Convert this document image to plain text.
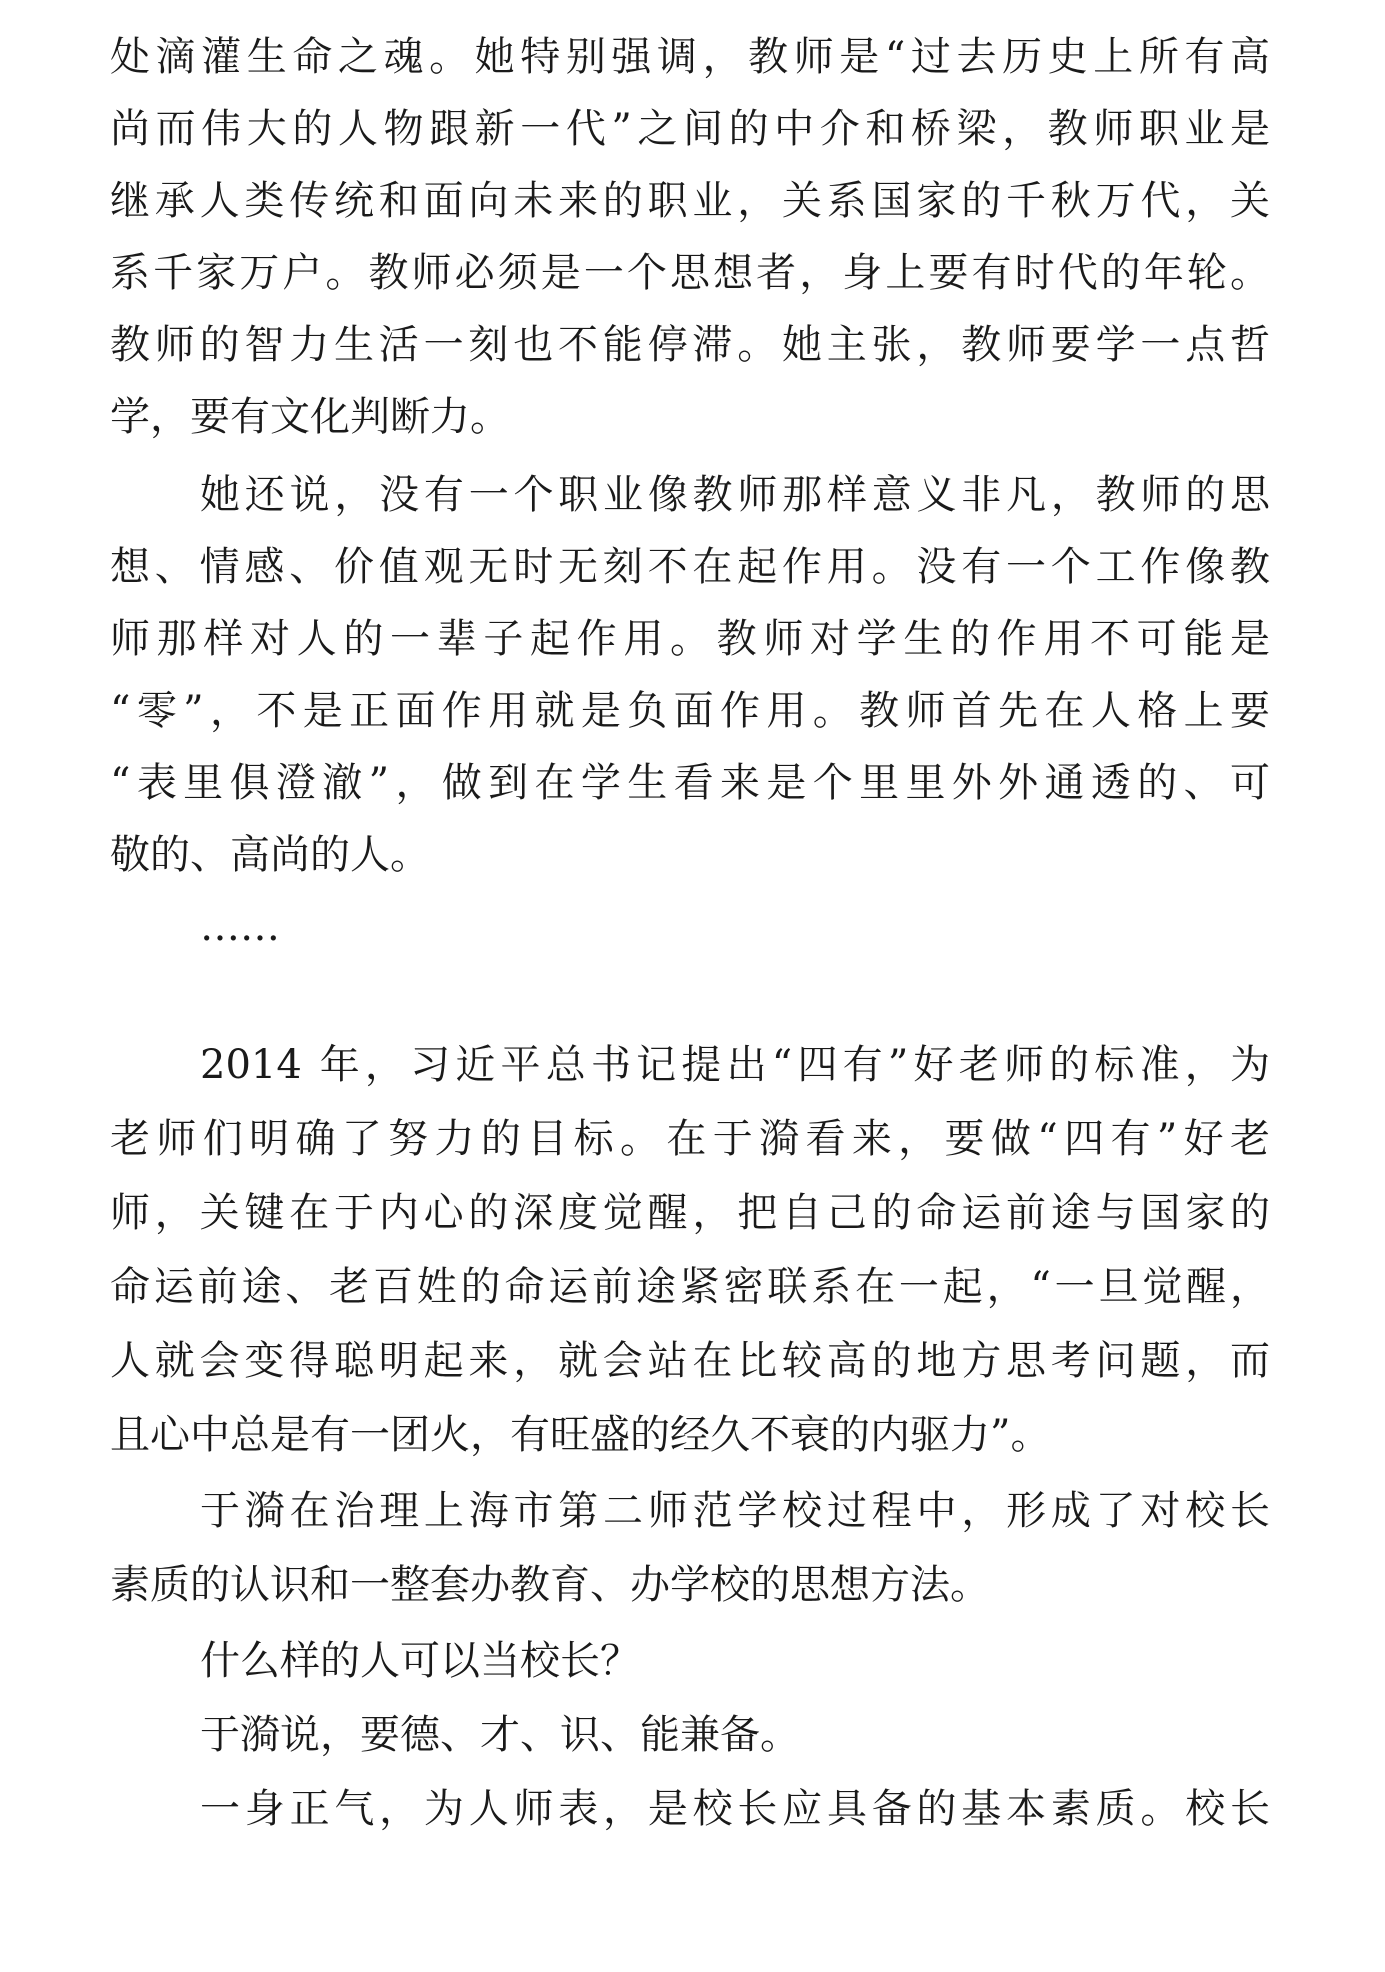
处滴灌生命之魂。她特别强调，教师是“过去历史上所有高
尚而伟大的人物跟新一代”之间的中介和桥梁，教师职业是
继承人类传统和面向未来的职业，关系国家的千秋万代，关
系千家万户。教师必须是一个思想者，身上要有时代的年轮。
教师的智力生活一刻也不能停滞。她主张，教师要学一点哲
学，要有文化判断力。
她还说，没有一个职业像教师那样意义非凡，教师的思
想、情感、价值观无时无刻不在起作用。没有一个工作像教
师那样对人的一辈子起作用。教师对学生的作用不可能是
“零”，不是正面作用就是负面作用。教师首先在人格上要
“表里俱澄澈”，做到在学生看来是个里里外外通透的、可
敬的、高尚的人。
……
2014 年，习近平总书记提出“四有”好老师的标准，为
老师们明确了努力的目标。在于漪看来，要做“四有”好老
师，关键在于内心的深度觉醒，把自己的命运前途与国家的
命运前途、老百姓的命运前途紧密联系在一起，“一旦觉醒，
人就会变得聪明起来，就会站在比较高的地方思考问题，而
且心中总是有一团火，有旺盛的经久不衰的内驱力”。
于漪在治理上海市第二师范学校过程中，形成了对校长
素质的认识和一整套办教育、办学校的思想方法。
什么样的人可以当校长？
于漪说，要德、才、识、能兼备。
一身正气，为人师表，是校长应具备的基本素质。校长
